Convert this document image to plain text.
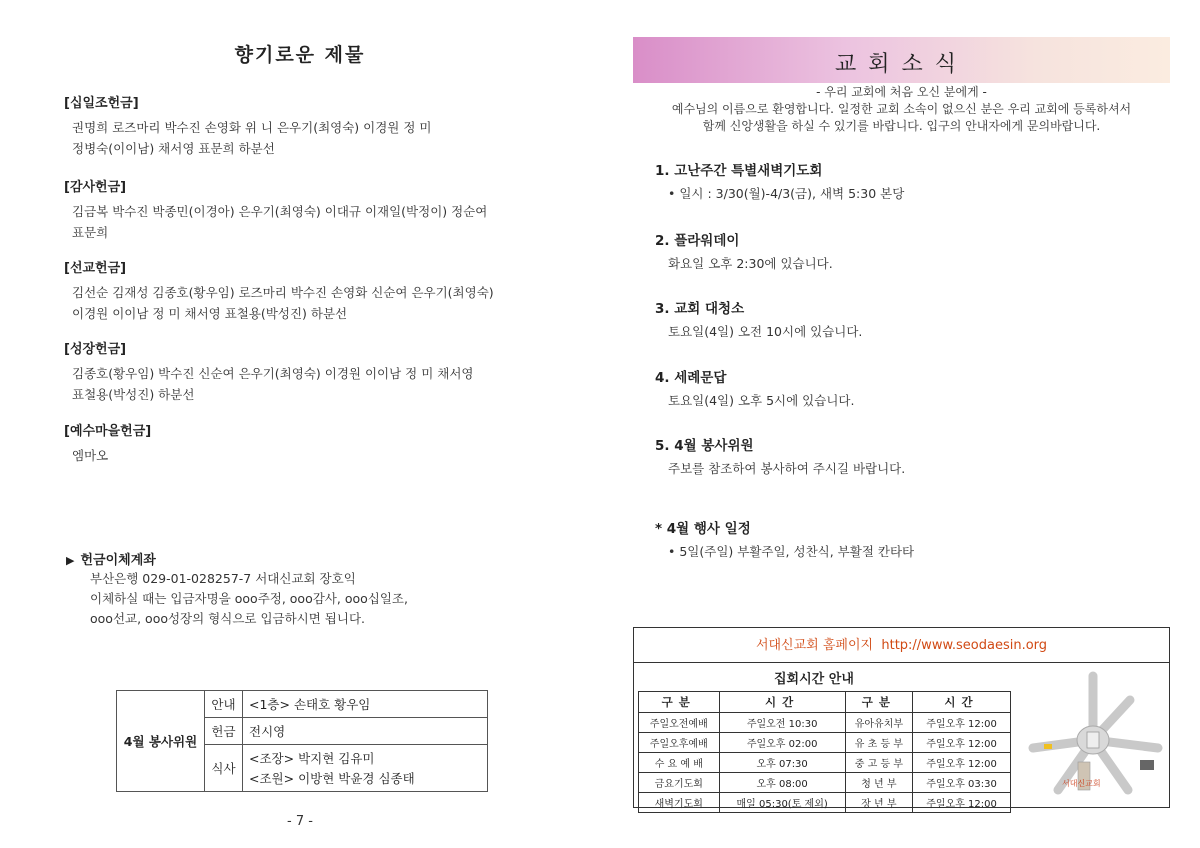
향기로운 제물
[십일조헌금]
권명희 로즈마리 박수진 손영화 위 니 은우기(최영숙) 이경원 정 미
정병숙(이이남) 채서영 표문희 하분선
[감사헌금]
김금복 박수진 박종민(이경아) 은우기(최영숙) 이대규 이재일(박정이) 정순여
표문희
[선교헌금]
김선순 김재성 김종호(황우임) 로즈마리 박수진 손영화 신순여 은우기(최영숙)
이경원 이이남 정 미 채서영 표철용(박성진) 하분선
[성장헌금]
김종호(황우임) 박수진 신순여 은우기(최영숙) 이경원 이이남 정 미 채서영
표철용(박성진) 하분선
[예수마을헌금]
엠마오
▶ 헌금이체계좌
부산은행 029-01-028257-7 서대신교회 장호익
이체하실 때는 입금자명을 ooo주정, ooo감사, ooo십일조,
ooo선교, ooo성장의 형식으로 입금하시면 됩니다.
4월 봉사위원	안내	<1층> 손태호 황우임
	헌금	전시영
	식사	<조장> 박지현 김유미
		<조원> 이방현 박윤경 심종태
- 7 -
교회소식
- 우리 교회에 처음 오신 분에게 -
예수님의 이름으로 환영합니다. 일정한 교회 소속이 없으신 분은 우리 교회에 등록하셔서
함께 신앙생활을 하실 수 있기를 바랍니다. 입구의 안내자에게 문의바랍니다.
1. 고난주간 특별새벽기도회
• 일시 : 3/30(월)-4/3(금), 새벽 5:30 본당
2. 플라워데이
화요일 오후 2:30에 있습니다.
3. 교회 대청소
토요일(4일) 오전 10시에 있습니다.
4. 세례문답
토요일(4일) 오후 5시에 있습니다.
5. 4월 봉사위원
주보를 참조하여 봉사하여 주시길 바랍니다.
* 4월 행사 일정
• 5일(주일) 부활주일, 성찬식, 부활절 칸타타
서대신교회 홈페이지 http://www.seodaesin.org
집회시간 안내
구분	시간	구분	시간
주일오전예배	주일오전 10:30	유아유치부	주일오후 12:00
주일오후예배	주일오후 02:00	유 초 등 부	주일오후 12:00
수 요 예 배	오후 07:30	중 고 등 부	주일오후 12:00
금요기도회	오후 08:00	청 년 부	주일오후 03:30
새벽기도회	매일 05:30(토 제외)	장 년 부	주일오후 12:00
서대신교회
